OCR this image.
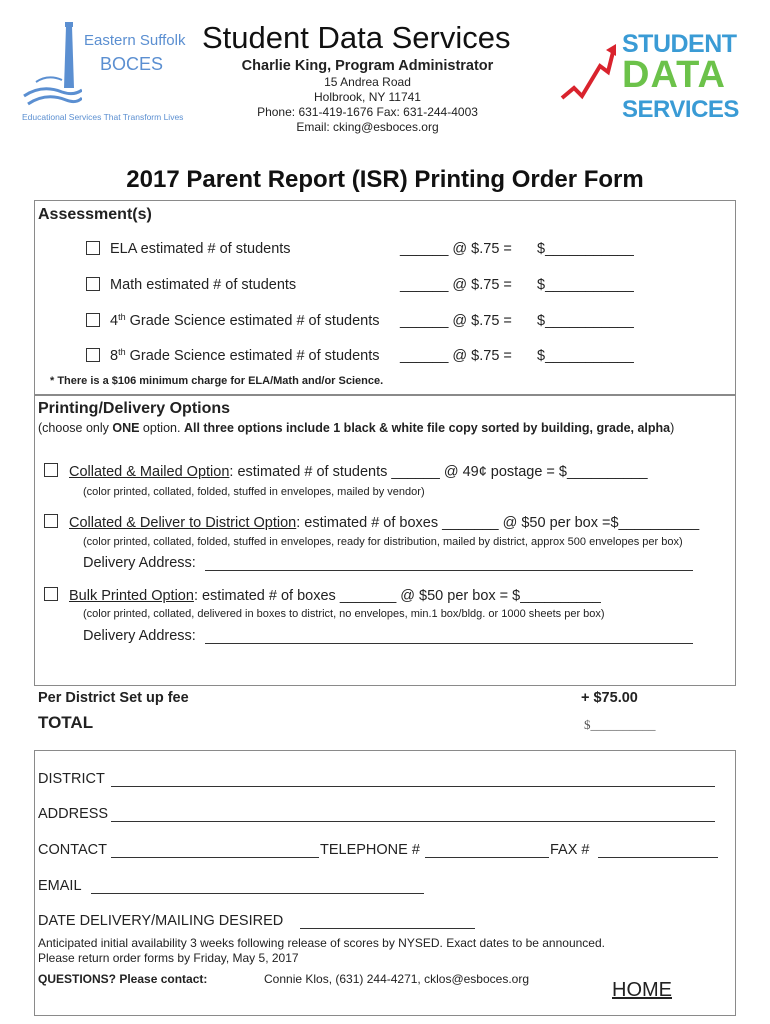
Eastern Suffolk
BOCES
Educational Services That Transform Lives
Student Data Services
Charlie King, Program Administrator
15 Andrea Road
Holbrook, NY 11741
Phone: 631-419-1676 Fax: 631-244-4003
Email: cking@esboces.org
STUDENT
DATA
SERVICES
2017 Parent Report (ISR) Printing Order Form
Assessment(s)
ELA estimated # of students	______ @ $.75 = $___________
Math estimated # of students	______ @ $.75 = $___________
4th Grade Science estimated # of students ______ @ $.75 = $___________
8th Grade Science estimated # of students ______ @ $.75 = $___________
* There is a $106 minimum charge for ELA/Math and/or Science.
Printing/Delivery Options
(choose only ONE option. All three options include 1 black & white file copy sorted by building, grade, alpha)
Collated & Mailed Option: estimated # of students ______ @ 49¢ postage = $__________
(color printed, collated, folded, stuffed in envelopes, mailed by vendor)
Collated & Deliver to District Option: estimated # of boxes _______ @ $50 per box =$__________
(color printed, collated, folded, stuffed in envelopes, ready for distribution, mailed by district, approx 500 envelopes per box)
Delivery Address:
Bulk Printed Option: estimated # of boxes _______ @ $50 per box = $__________
(color printed, collated, delivered in boxes to district, no envelopes, min.1 box/bldg. or 1000 sheets per box)
Delivery Address:
Per District Set up fee	+ $75.00
TOTAL	$__________
DISTRICT
ADDRESS
CONTACT	TELEPHONE #	FAX #
EMAIL
DATE DELIVERY/MAILING DESIRED
Anticipated initial availability 3 weeks following release of scores by NYSED. Exact dates to be announced.
Please return order forms by Friday, May 5, 2017
QUESTIONS? Please contact:	Connie Klos, (631) 244-4271, cklos@esboces.org	HOME
